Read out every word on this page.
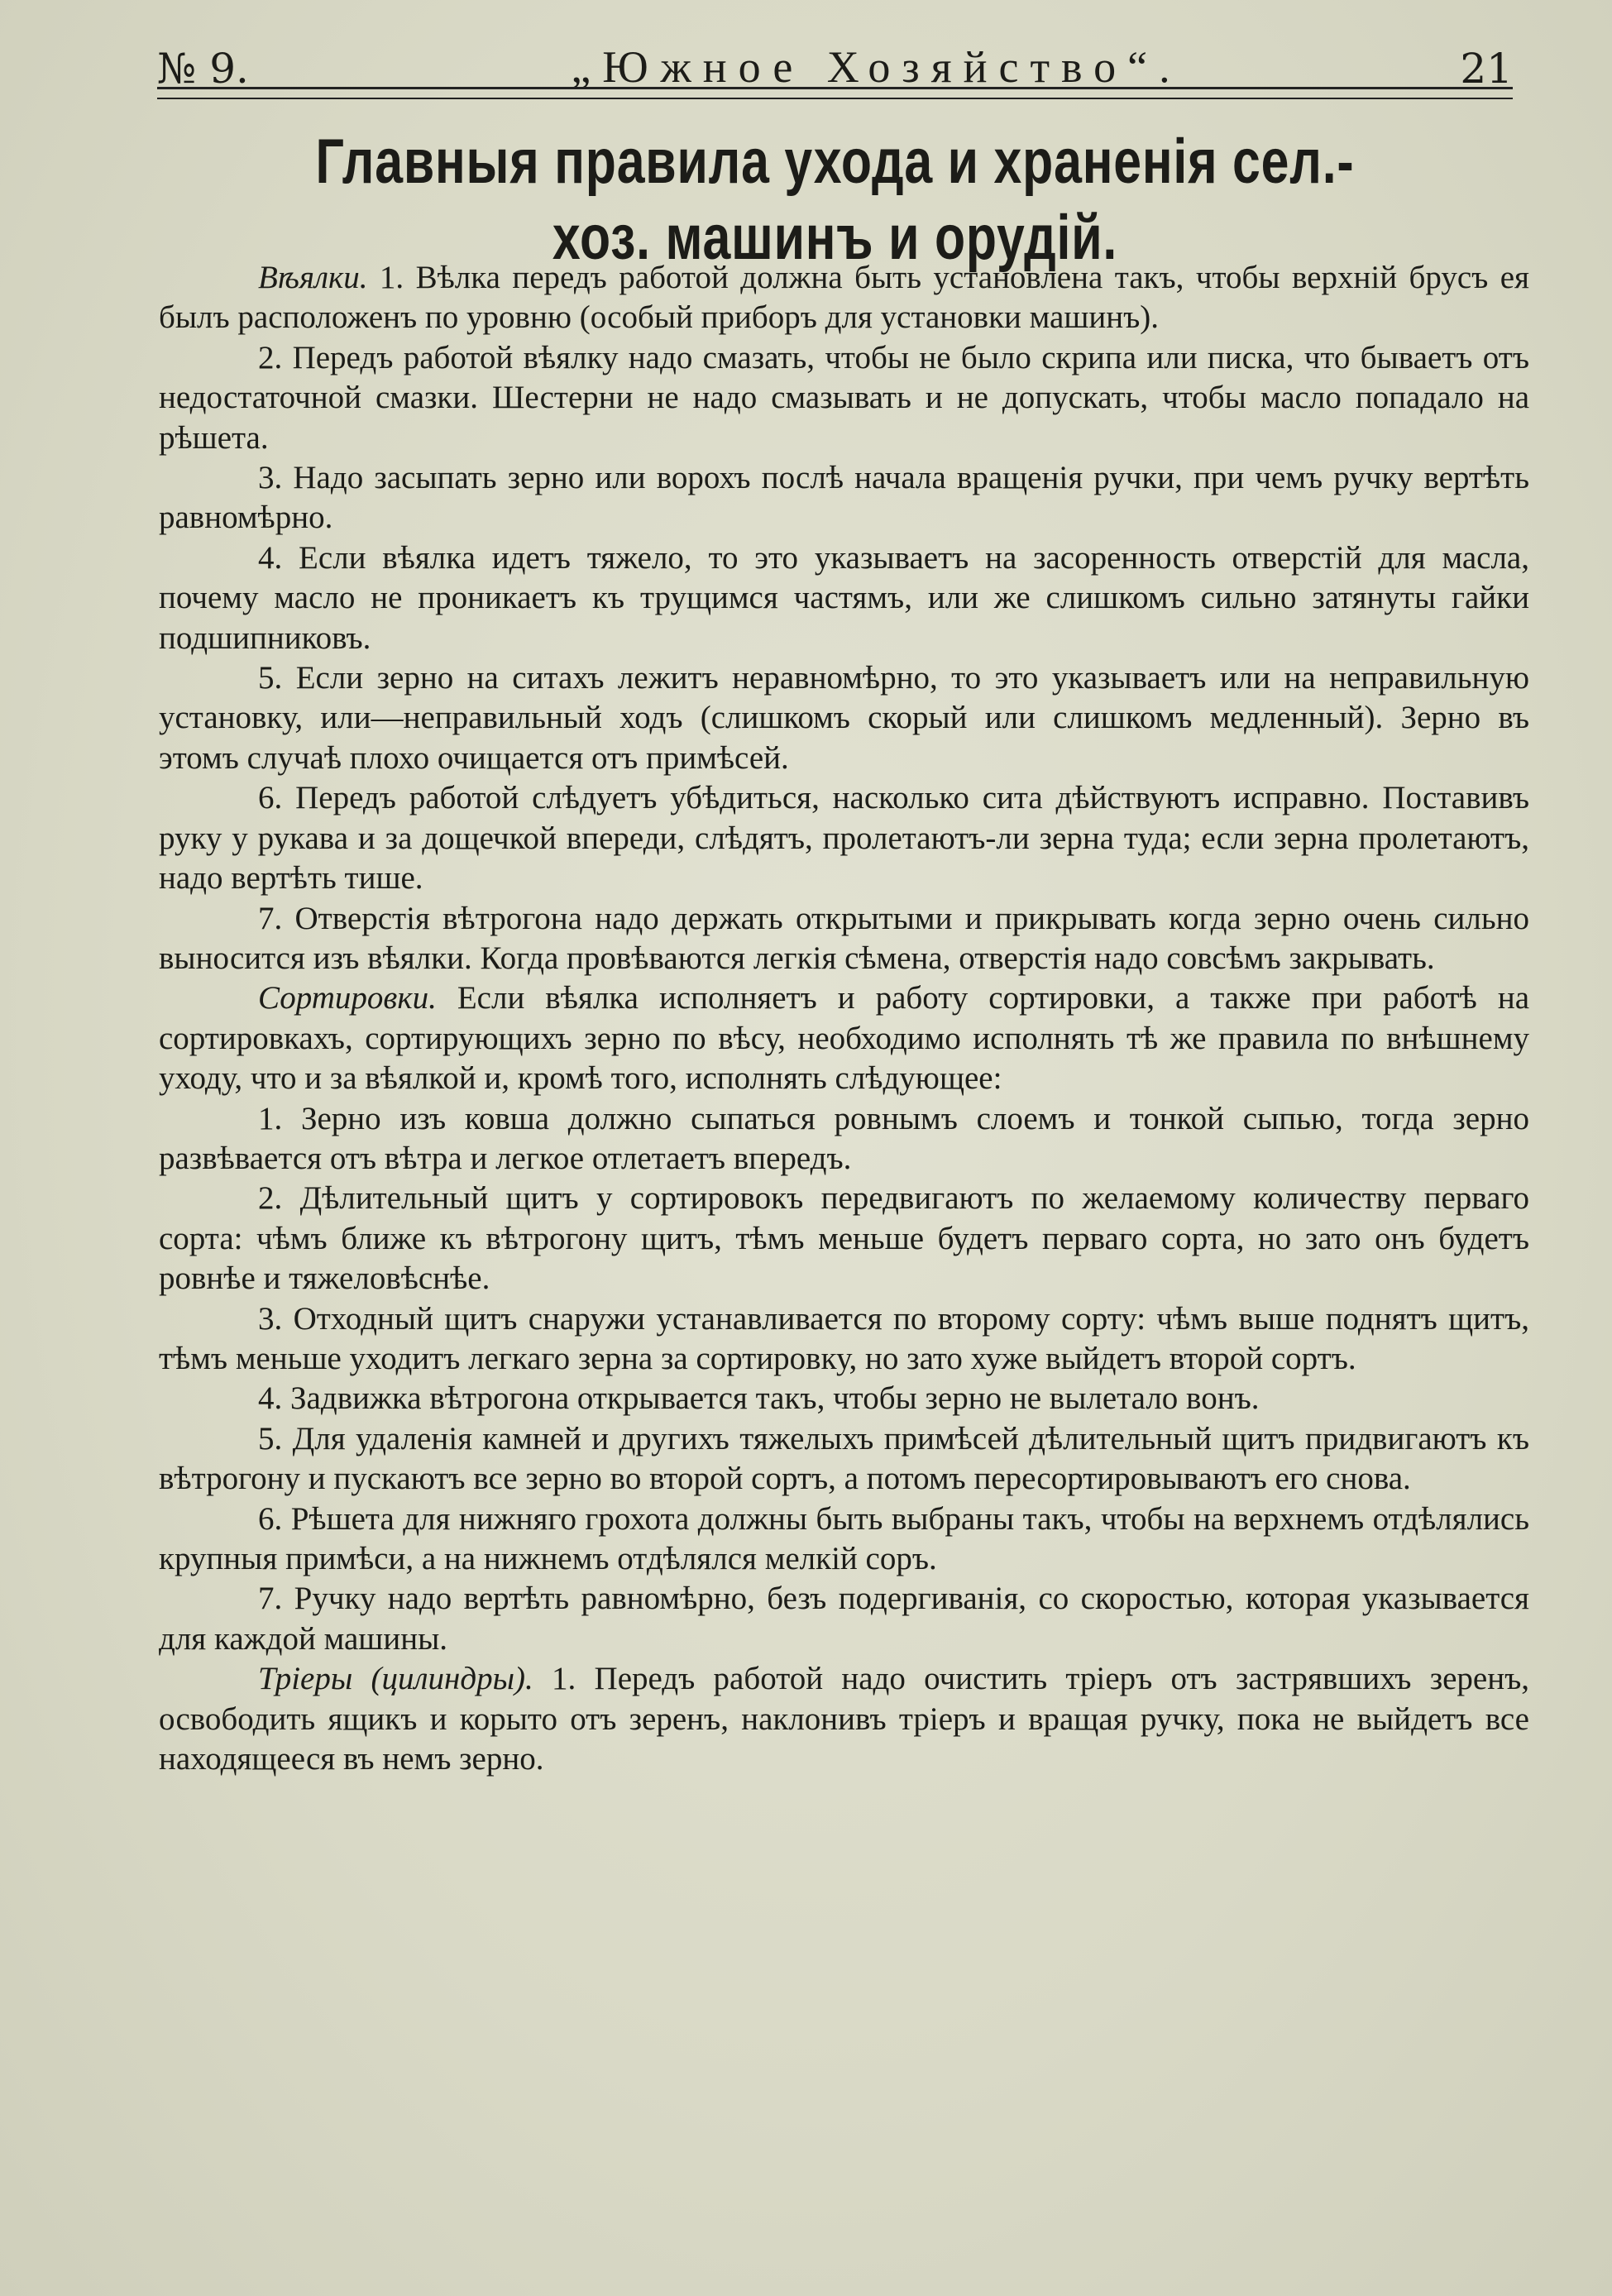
№ 9.	„Южное Хозяйство“.	21
Главныя правила ухода и храненія сел.-хоз. машинъ и орудій.

Вѣялки. 1. Вѣлка передъ работой должна быть установлена такъ, чтобы верхній брусъ ея былъ расположенъ по уровню (особый приборъ для установки машинъ).

2. Передъ работой вѣялку надо смазать, чтобы не было скрипа или писка, что бываетъ отъ недостаточной смазки. Шестерни не надо смазывать и не допускать, чтобы масло попадало на рѣшета.

3. Надо засыпать зерно или ворохъ послѣ начала вращенія ручки, при чемъ ручку вертѣть равномѣрно.

4. Если вѣялка идетъ тяжело, то это указываетъ на засоренность отверстій для масла, почему масло не проникаетъ къ трущимся частямъ, или же слишкомъ сильно затянуты гайки подшипниковъ.

5. Если зерно на ситахъ лежитъ неравномѣрно, то это указываетъ или на неправильную установку, или—неправильный ходъ (слишкомъ скорый или слишкомъ медленный). Зерно въ этомъ случаѣ плохо очищается отъ примѣсей.

6. Передъ работой слѣдуетъ убѣдиться, насколько сита дѣйствуютъ исправно. Поставивъ руку у рукава и за дощечкой впереди, слѣдятъ, пролетаютъ-ли зерна туда; если зерна пролетаютъ, надо вертѣть тише.

7. Отверстія вѣтрогона надо держать открытыми и прикрывать когда зерно очень сильно выносится изъ вѣялки. Когда провѣваются легкія сѣмена, отверстія надо совсѣмъ закрывать.

Сортировки. Если вѣялка исполняетъ и работу сортировки, а также при работѣ на сортировкахъ, сортирующихъ зерно по вѣсу, необходимо исполнять тѣ же правила по внѣшнему уходу, что и за вѣялкой и, кромѣ того, исполнять слѣдующее:

1. Зерно изъ ковша должно сыпаться ровнымъ слоемъ и тонкой сыпью, тогда зерно развѣвается отъ вѣтра и легкое отлетаетъ впередъ.

2. Дѣлительный щитъ у сортировокъ передвигаютъ по желаемому количеству перваго сорта: чѣмъ ближе къ вѣтрогону щитъ, тѣмъ меньше будетъ перваго сорта, но зато онъ будетъ ровнѣе и тяжеловѣснѣе.

3. Отходный щитъ снаружи устанавливается по второму сорту: чѣмъ выше поднятъ щитъ, тѣмъ меньше уходитъ легкаго зерна за сортировку, но зато хуже выйдетъ второй сортъ.

4. Задвижка вѣтрогона открывается такъ, чтобы зерно не вылетало вонъ.

5. Для удаленія камней и другихъ тяжелыхъ примѣсей дѣлительный щитъ придвигаютъ къ вѣтрогону и пускаютъ все зерно во второй сортъ, а потомъ пересортировываютъ его снова.

6. Рѣшета для нижняго грохота должны быть выбраны такъ, чтобы на верхнемъ отдѣлялись крупныя примѣси, а на нижнемъ отдѣлялся мелкій соръ.

7. Ручку надо вертѣть равномѣрно, безъ подергиванія, со скоростью, которая указывается для каждой машины.

Тріеры (цилиндры). 1. Передъ работой надо очистить тріеръ отъ застрявшихъ зеренъ, освободить ящикъ и корыто отъ зеренъ, наклонивъ тріеръ и вращая ручку, пока не выйдетъ все находящееся въ немъ зерно.
